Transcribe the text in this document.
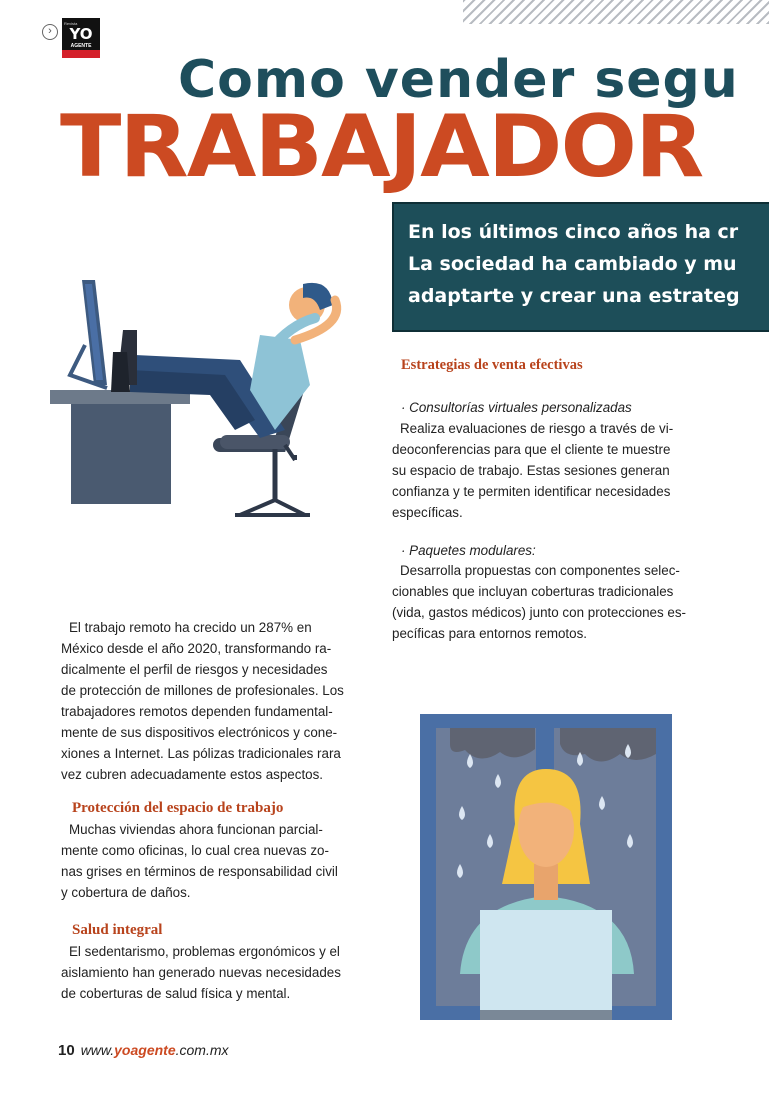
›
Revista
YO
AGENTE
Como vender segu
TRABAJADOR
En los últimos cinco años ha cr
La sociedad ha cambiado y mu
adaptarte y crear una estrateg
El trabajo remoto ha crecido un 287% en
México desde el año 2020, transformando ra-
dicalmente el perfil de riesgos y necesidades
de protección de millones de profesionales. Los
trabajadores remotos dependen fundamental-
mente de sus dispositivos electrónicos y cone-
xiones a Internet. Las pólizas tradicionales rara
vez cubren adecuadamente estos aspectos.
Protección del espacio de trabajo
Muchas viviendas ahora funcionan parcial-
mente como oficinas, lo cual crea nuevas zo-
nas grises en términos de responsabilidad civil
y cobertura de daños.
Salud integral
El sedentarismo, problemas ergonómicos y el
aislamiento han generado nuevas necesidades
de coberturas de salud física y mental.
Estrategias de venta efectivas
· Consultorías virtuales personalizadas
Realiza evaluaciones de riesgo a través de vi-
deoconferencias para que el cliente te muestre
su espacio de trabajo. Estas sesiones generan
confianza y te permiten identificar necesidades
específicas.
· Paquetes modulares:
Desarrolla propuestas con componentes selec-
cionables que incluyan coberturas tradicionales
(vida, gastos médicos) junto con protecciones es-
pecíficas para entornos remotos.
10 www.yoagente.com.mx
